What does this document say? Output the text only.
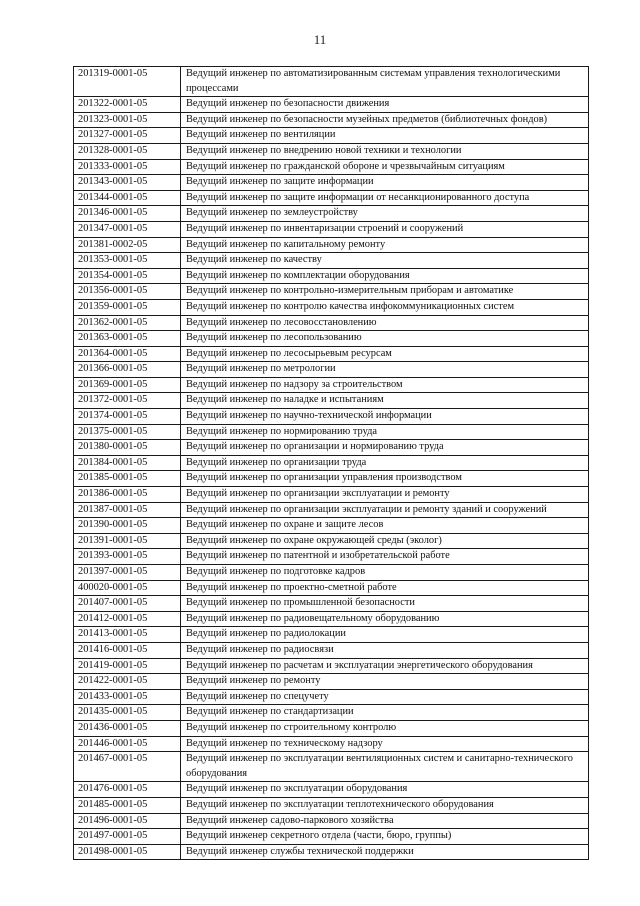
11
201319-0001-05	Ведущий инженер по автоматизированным системам управления технологическими процессами
201322-0001-05	Ведущий инженер по безопасности движения
201323-0001-05	Ведущий инженер по безопасности музейных предметов (библиотечных фондов)
201327-0001-05	Ведущий инженер по вентиляции
201328-0001-05	Ведущий инженер по внедрению новой техники и технологии
201333-0001-05	Ведущий инженер по гражданской обороне и чрезвычайным ситуациям
201343-0001-05	Ведущий инженер по защите информации
201344-0001-05	Ведущий инженер по защите информации от несанкционированного доступа
201346-0001-05	Ведущий инженер по землеустройству
201347-0001-05	Ведущий инженер по инвентаризации строений и сооружений
201381-0002-05	Ведущий инженер по капитальному ремонту
201353-0001-05	Ведущий инженер по качеству
201354-0001-05	Ведущий инженер по комплектации оборудования
201356-0001-05	Ведущий инженер по контрольно-измерительным приборам и автоматике
201359-0001-05	Ведущий инженер по контролю качества инфокоммуникационных систем
201362-0001-05	Ведущий инженер по лесовосстановлению
201363-0001-05	Ведущий инженер по лесопользованию
201364-0001-05	Ведущий инженер по лесосырьевым ресурсам
201366-0001-05	Ведущий инженер по метрологии
201369-0001-05	Ведущий инженер по надзору за строительством
201372-0001-05	Ведущий инженер по наладке и испытаниям
201374-0001-05	Ведущий инженер по научно-технической информации
201375-0001-05	Ведущий инженер по нормированию труда
201380-0001-05	Ведущий инженер по организации и нормированию труда
201384-0001-05	Ведущий инженер по организации труда
201385-0001-05	Ведущий инженер по организации управления производством
201386-0001-05	Ведущий инженер по организации эксплуатации и ремонту
201387-0001-05	Ведущий инженер по организации эксплуатации и ремонту зданий и сооружений
201390-0001-05	Ведущий инженер по охране и защите лесов
201391-0001-05	Ведущий инженер по охране окружающей среды (эколог)
201393-0001-05	Ведущий инженер по патентной и изобретательской работе
201397-0001-05	Ведущий инженер по подготовке кадров
400020-0001-05	Ведущий инженер по проектно-сметной работе
201407-0001-05	Ведущий инженер по промышленной безопасности
201412-0001-05	Ведущий инженер по радиовещательному оборудованию
201413-0001-05	Ведущий инженер по радиолокации
201416-0001-05	Ведущий инженер по радиосвязи
201419-0001-05	Ведущий инженер по расчетам и эксплуатации энергетического оборудования
201422-0001-05	Ведущий инженер по ремонту
201433-0001-05	Ведущий инженер по спецучету
201435-0001-05	Ведущий инженер по стандартизации
201436-0001-05	Ведущий инженер по строительному контролю
201446-0001-05	Ведущий инженер по техническому надзору
201467-0001-05	Ведущий инженер по эксплуатации вентиляционных систем и санитарно-технического оборудования
201476-0001-05	Ведущий инженер по эксплуатации оборудования
201485-0001-05	Ведущий инженер по эксплуатации теплотехнического оборудования
201496-0001-05	Ведущий инженер садово-паркового хозяйства
201497-0001-05	Ведущий инженер секретного отдела (части, бюро, группы)
201498-0001-05	Ведущий инженер службы технической поддержки
